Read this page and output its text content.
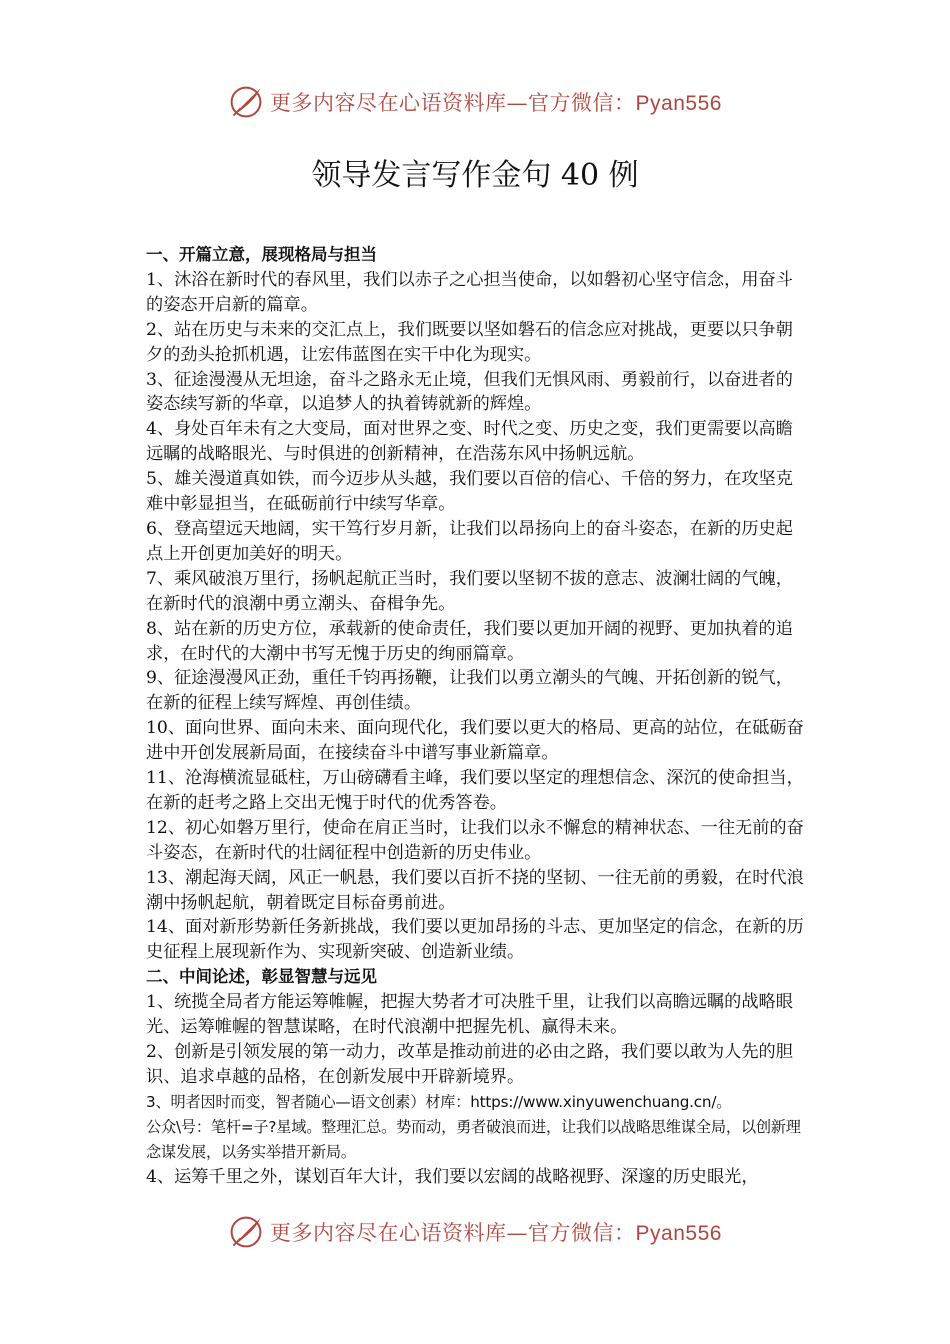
更多内容尽在心语资料库—官方微信：Pyan556
领导发言写作金句 40 例

一、开篇立意，展现格局与担当

1、沐浴在新时代的春风里，我们以赤子之心担当使命，以如磐初心坚守信念，用奋斗的姿态开启新的篇章。

2、站在历史与未来的交汇点上，我们既要以坚如磐石的信念应对挑战，更要以只争朝夕的劲头抢抓机遇，让宏伟蓝图在实干中化为现实。

3、征途漫漫从无坦途，奋斗之路永无止境，但我们无惧风雨、勇毅前行，以奋进者的姿态续写新的华章，以追梦人的执着铸就新的辉煌。

4、身处百年未有之大变局，面对世界之变、时代之变、历史之变，我们更需要以高瞻远瞩的战略眼光、与时俱进的创新精神，在浩荡东风中扬帆远航。

5、雄关漫道真如铁，而今迈步从头越，我们要以百倍的信心、千倍的努力，在攻坚克难中彰显担当，在砥砺前行中续写华章。

6、登高望远天地阔，实干笃行岁月新，让我们以昂扬向上的奋斗姿态，在新的历史起点上开创更加美好的明天。

7、乘风破浪万里行，扬帆起航正当时，我们要以坚韧不拔的意志、波澜壮阔的气魄，在新时代的浪潮中勇立潮头、奋楫争先。

8、站在新的历史方位，承载新的使命责任，我们要以更加开阔的视野、更加执着的追求，在时代的大潮中书写无愧于历史的绚丽篇章。

9、征途漫漫风正劲，重任千钧再扬鞭，让我们以勇立潮头的气魄、开拓创新的锐气，在新的征程上续写辉煌、再创佳绩。

10、面向世界、面向未来、面向现代化，我们要以更大的格局、更高的站位，在砥砺奋进中开创发展新局面，在接续奋斗中谱写事业新篇章。

11、沧海横流显砥柱，万山磅礴看主峰，我们要以坚定的理想信念、深沉的使命担当，在新的赶考之路上交出无愧于时代的优秀答卷。

12、初心如磐万里行，使命在肩正当时，让我们以永不懈怠的精神状态、一往无前的奋斗姿态，在新时代的壮阔征程中创造新的历史伟业。

13、潮起海天阔，风正一帆悬，我们要以百折不挠的坚韧、一往无前的勇毅，在时代浪潮中扬帆起航，朝着既定目标奋勇前进。

14、面对新形势新任务新挑战，我们要以更加昂扬的斗志、更加坚定的信念，在新的历史征程上展现新作为、实现新突破、创造新业绩。

二、中间论述，彰显智慧与远见

1、统揽全局者方能运筹帷幄，把握大势者才可决胜千里，让我们以高瞻远瞩的战略眼光、运筹帷幄的智慧谋略，在时代浪潮中把握先机、赢得未来。

2、创新是引领发展的第一动力，改革是推动前进的必由之路，我们要以敢为人先的胆识、追求卓越的品格，在创新发展中开辟新境界。

3、明者因时而变，智者随心—语文创素）材库：https://www.xinyuwenchuang.cn/。

公众\号：笔杆=子?星域。整理汇总。势而动，勇者破浪而进，让我们以战略思维谋全局，以创新理念谋发展，以务实举措开新局。

4、运筹千里之外，谋划百年大计，我们要以宏阔的战略视野、深邃的历史眼光，

更多内容尽在心语资料库—官方微信：Pyan556
